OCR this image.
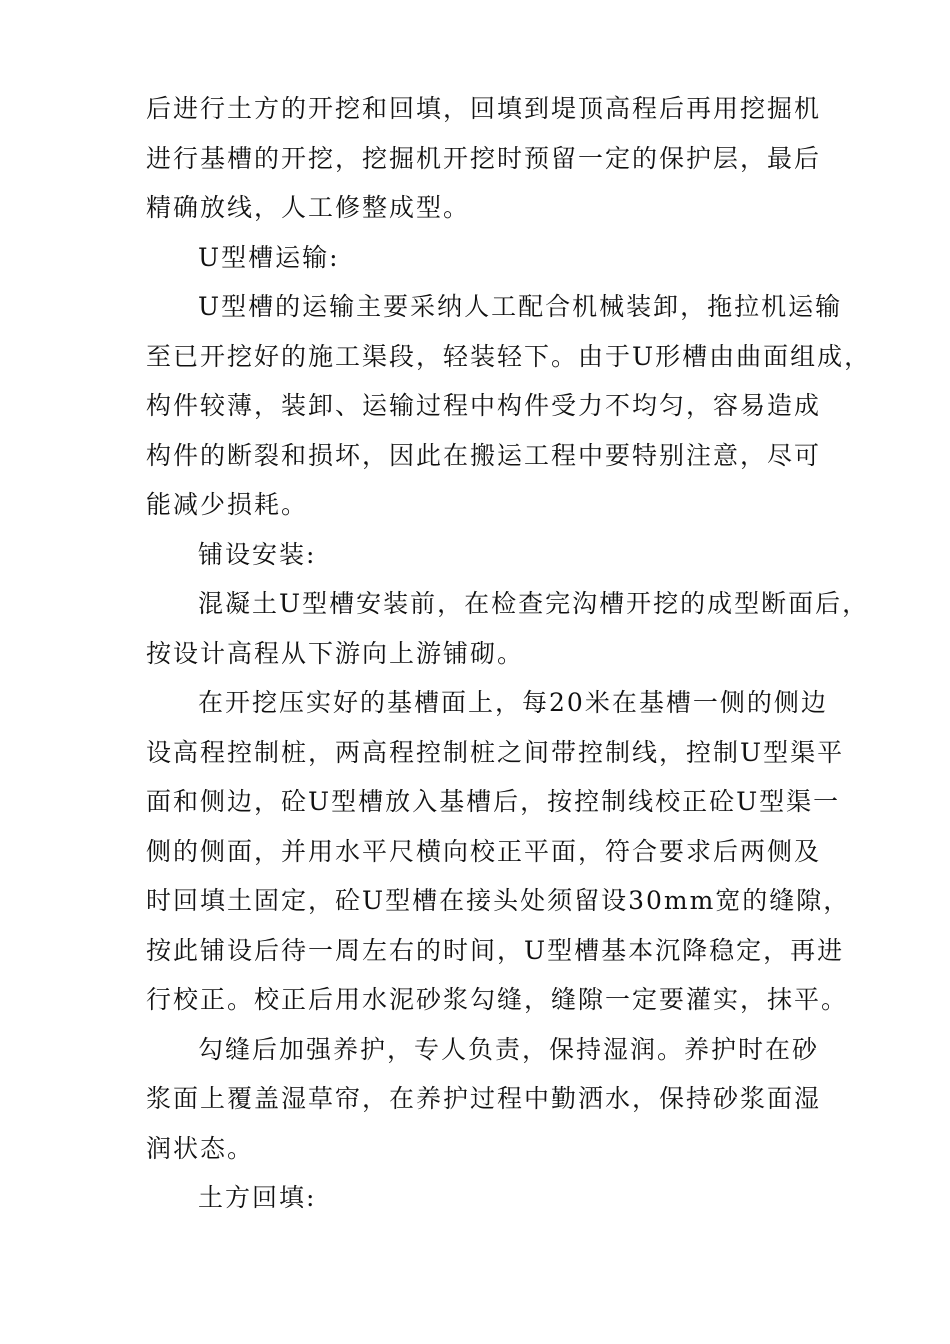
后进行土方的开挖和回填，回填到堤顶高程后再用挖掘机
进行基槽的开挖，挖掘机开挖时预留一定的保护层，最后
精确放线，人工修整成型。
U型槽运输:
U型槽的运输主要采纳人工配合机械装卸，拖拉机运输
至已开挖好的施工渠段，轻装轻下。由于U形槽由曲面组成，
构件较薄，装卸、运输过程中构件受力不均匀，容易造成
构件的断裂和损坏，因此在搬运工程中要特别注意，尽可
能减少损耗。
铺设安装:
混凝土U型槽安装前，在检查完沟槽开挖的成型断面后，
按设计高程从下游向上游铺砌。
在开挖压实好的基槽面上，每20米在基槽一侧的侧边
设高程控制桩，两高程控制桩之间带控制线，控制U型渠平
面和侧边，砼U型槽放入基槽后，按控制线校正砼U型渠一
侧的侧面，并用水平尺横向校正平面，符合要求后两侧及
时回填土固定，砼U型槽在接头处须留设30mm宽的缝隙，
按此铺设后待一周左右的时间，U型槽基本沉降稳定，再进
行校正。校正后用水泥砂浆勾缝，缝隙一定要灌实，抹平。
勾缝后加强养护，专人负责，保持湿润。养护时在砂
浆面上覆盖湿草帘，在养护过程中勤洒水，保持砂浆面湿
润状态。
土方回填:
